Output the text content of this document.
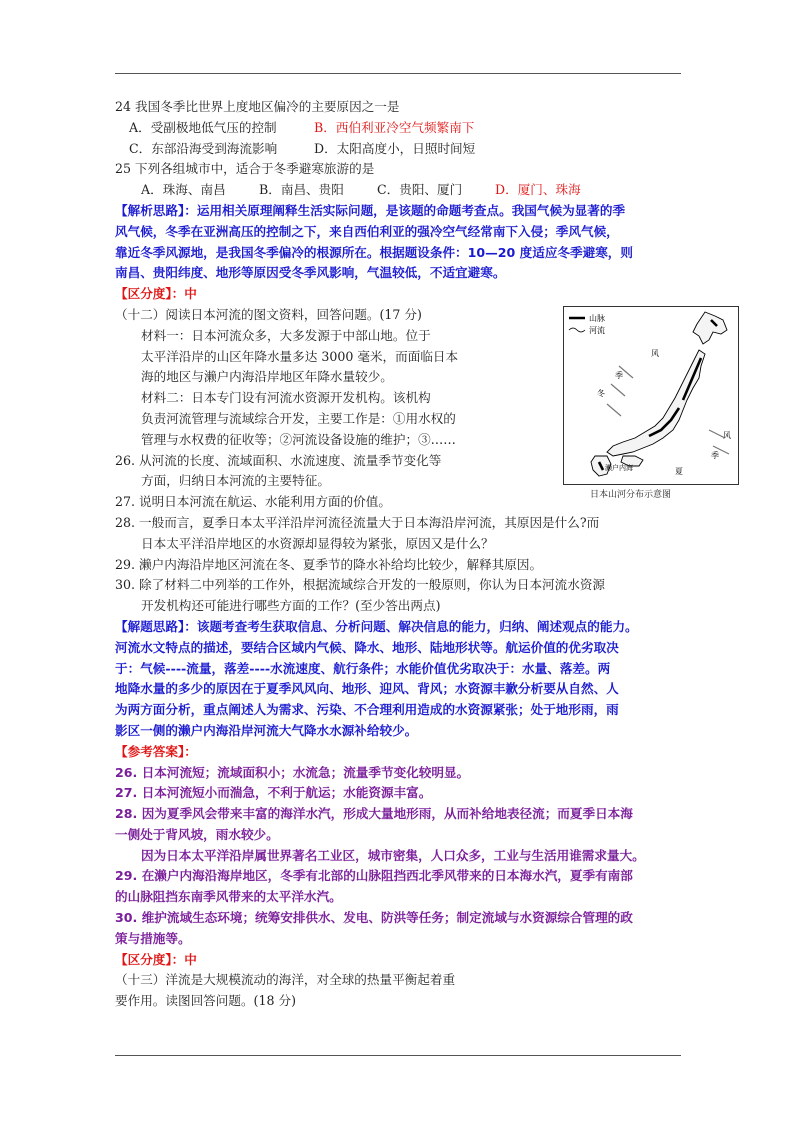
24 我国冬季比世界上度地区偏冷的主要原因之一是
A．受副极地低气压的控制	B．西伯利亚冷空气频繁南下
C．东部沿海受到海流影响	D．太阳高度小，日照时间短
25 下列各组城市中，适合于冬季避寒旅游的是
A．珠海、南昌	B．南昌、贵阳	C．贵阳、厦门	D．厦门、珠海
【解析思路】：运用相关原理阐释生活实际问题，是该题的命题考查点。我国气候为显著的季
风气候，冬季在亚洲高压的控制之下，来自西伯利亚的强冷空气经常南下入侵；季风气候，
靠近冬季风源地，是我国冬季偏冷的根源所在。根据题设条件：10—20 度适应冬季避寒，则
南昌、贵阳纬度、地形等原因受冬季风影响，气温较低，不适宜避寒。
【区分度】：中
（十二）阅读日本河流的图文资料，回答问题。(17 分)
材料一：日本河流众多，大多发源于中部山地。位于
太平洋沿岸的山区年降水量多达 3000 毫米，而面临日本
海的地区与濑户内海沿岸地区年降水量较少。
材料二：日本专门设有河流水资源开发机构。该机构
负责河流管理与流域综合开发，主要工作是：①用水权的
管理与水权费的征收等；②河流设备设施的维护；③……
26. 从河流的长度、流域面积、水流速度、流量季节变化等
方面，归纳日本河流的主要特征。
27. 说明日本河流在航运、水能利用方面的价值。
28. 一般而言，夏季日本太平洋沿岸河流径流量大于日本海沿岸河流，其原因是什么?而
日本太平洋沿岸地区的水资源却显得较为紧张，原因又是什么？
29. 濑户内海沿岸地区河流在冬、夏季节的降水补给均比较少，解释其原因。
30. 除了材料二中列举的工作外，根据流域综合开发的一般原则，你认为日本河流水资源
开发机构还可能进行哪些方面的工作？(至少答出两点)
【解题思路】：该题考查考生获取信息、分析问题、解决信息的能力，归纳、阐述观点的能力。
河流水文特点的描述，要结合区域内气候、降水、地形、陆地形状等。航运价值的优劣取决
于：气候----流量，落差----水流速度、航行条件；水能价值优劣取决于：水量、落差。两
地降水量的多少的原因在于夏季风风向、地形、迎风、背风；水资源丰歉分析要从自然、人
为两方面分析，重点阐述人为需求、污染、不合理利用造成的水资源紧张；处于地形雨，雨
影区一侧的濑户内海沿岸河流大气降水水源补给较少。
【参考答案】：
26. 日本河流短；流域面积小；水流急；流量季节变化较明显。
27. 日本河流短小而湍急，不利于航运；水能资源丰富。
28. 因为夏季风会带来丰富的海洋水汽，形成大量地形雨，从而补给地表径流；而夏季日本海
一侧处于背风坡，雨水较少。
因为日本太平洋沿岸属世界著名工业区，城市密集，人口众多，工业与生活用谁需求量大。
29. 在濑户内海沿海岸地区，冬季有北部的山脉阻挡西北季风带来的日本海水汽，夏季有南部
的山脉阻挡东南季风带来的太平洋水汽。
30. 维护流域生态环境；统筹安排供水、发电、防洪等任务；制定流域与水资源综合管理的政
策与措施等。
【区分度】：中
（十三）洋流是大规模流动的海洋，对全球的热量平衡起着重
要作用。读图回答问题。(18 分)
山脉
河流
风
季
冬
风
季
夏
濑户内海
日本山河分布示意图
